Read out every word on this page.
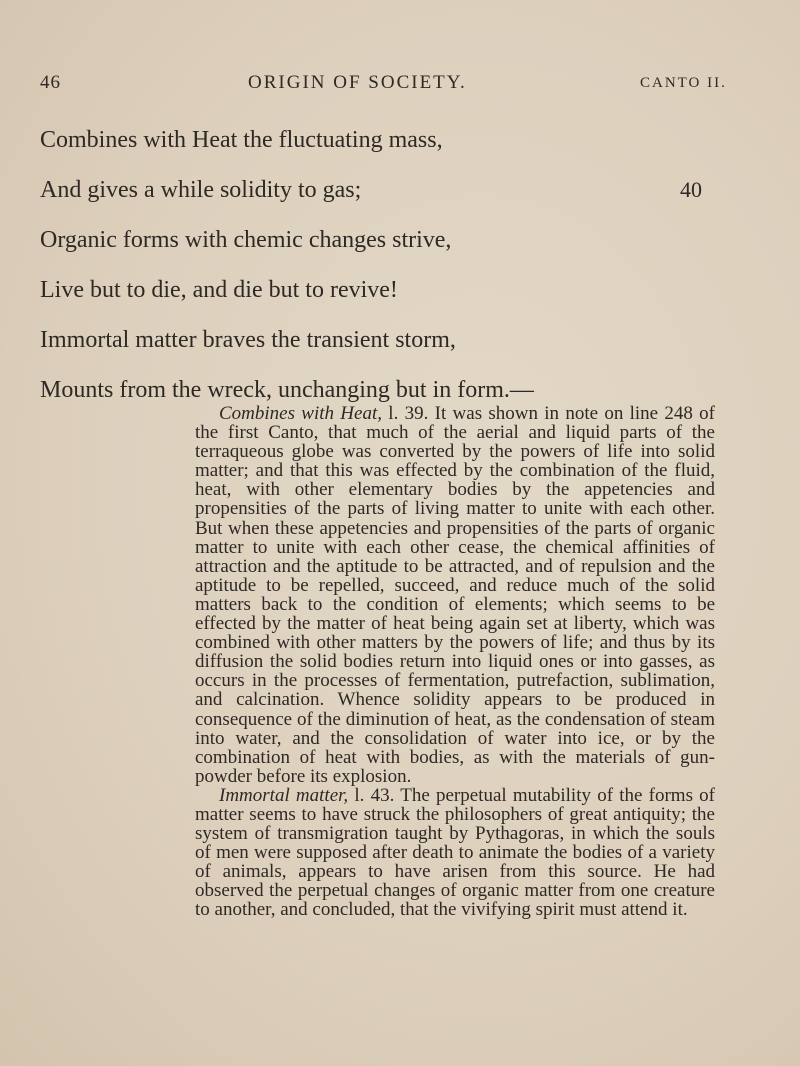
46	ORIGIN OF SOCIETY.	CANTO II.
Combines with Heat the fluctuating mass,
And gives a while solidity to gas;	40
Organic forms with chemic changes strive,
Live but to die, and die but to revive!
Immortal matter braves the transient storm,
Mounts from the wreck, unchanging but in form.—

Combines with Heat, l. 39. It was shown in note on line 248 of the first Canto, that much of the aerial and liquid parts of the terraqueous globe was converted by the powers of life into solid matter; and that this was effected by the combination of the fluid, heat, with other elementary bodies by the appetencies and propensities of the parts of living matter to unite with each other. But when these appetencies and propensities of the parts of organic matter to unite with each other cease, the chemical affinities of attraction and the aptitude to be attracted, and of repulsion and the aptitude to be repelled, succeed, and reduce much of the solid matters back to the condition of elements; which seems to be effected by the matter of heat being again set at liberty, which was combined with other matters by the powers of life; and thus by its diffusion the solid bodies return into liquid ones or into gasses, as occurs in the processes of fermentation, putrefaction, sublimation, and calcination. Whence solidity appears to be produced in consequence of the diminution of heat, as the condensation of steam into water, and the consolidation of water into ice, or by the combination of heat with bodies, as with the materials of gun-powder before its explosion.

Immortal matter, l. 43. The perpetual mutability of the forms of matter seems to have struck the philosophers of great antiquity; the system of transmigration taught by Pythagoras, in which the souls of men were supposed after death to animate the bodies of a variety of animals, appears to have arisen from this source. He had observed the perpetual changes of organic matter from one creature to another, and concluded, that the vivifying spirit must attend it.
